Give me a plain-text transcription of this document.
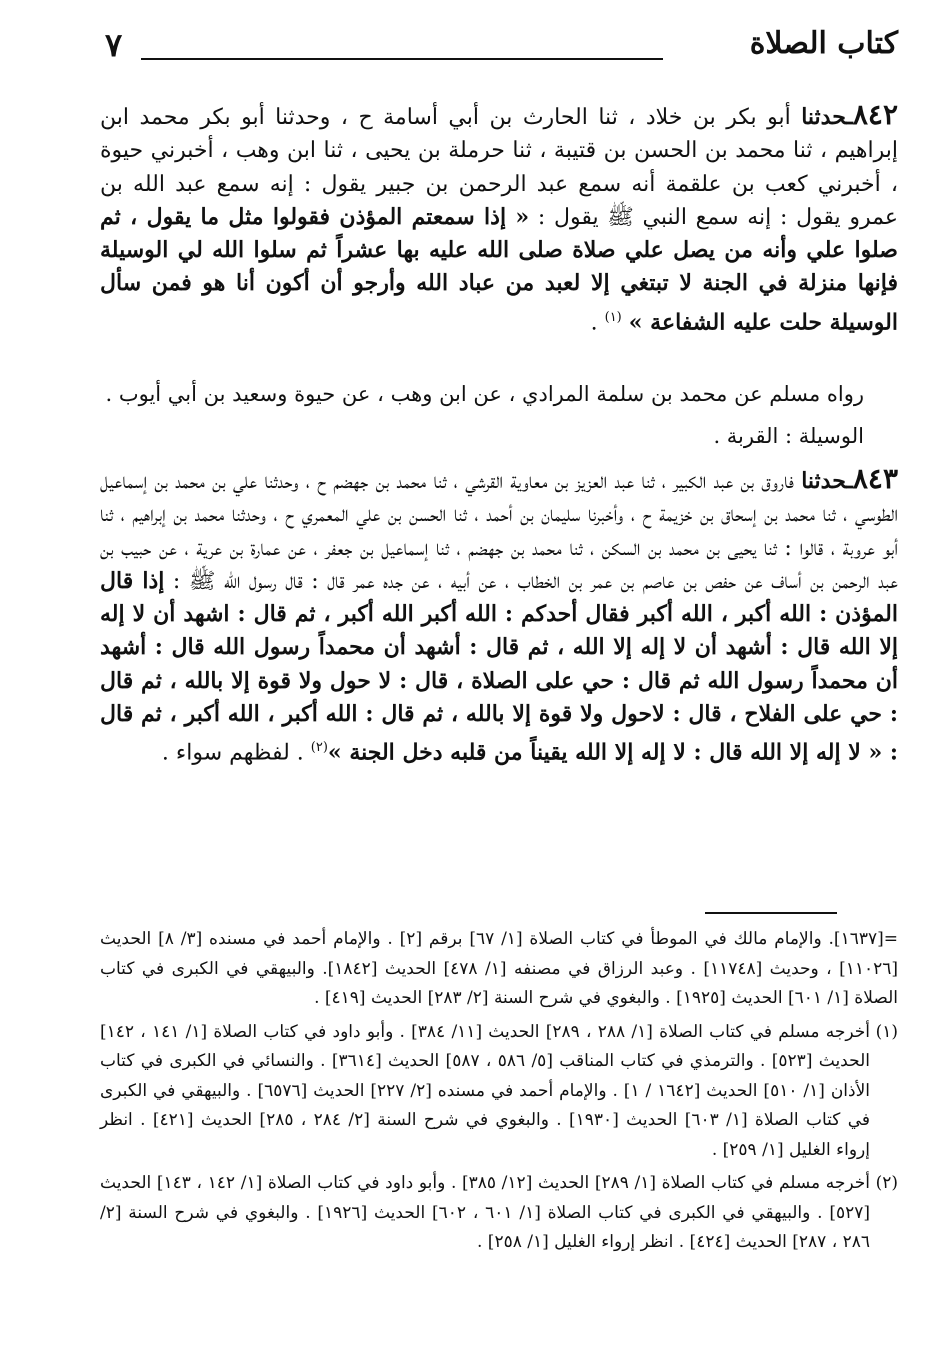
كتاب الصلاة
٧
٨٤٢ـحدثنا أبو بكر بن خلاد ، ثنا الحارث بن أبي أسامة ح ، وحدثنا أبو بكر محمد ابن إبراهيم ، ثنا محمد بن الحسن بن قتيبة ، ثنا حرملة بن يحيى ، ثنا ابن وهب ، أخبرني حيوة ، أخبرني كعب بن علقمة أنه سمع عبد الرحمن بن جبير يقول : إنه سمع عبد الله بن عمرو يقول : إنه سمع النبي ﷺ يقول : « إذا سمعتم المؤذن فقولوا مثل ما يقول ، ثم صلوا علي وأنه من يصل علي صلاة صلى الله عليه بها عشراً ثم سلوا الله لي الوسيلة فإنها منزلة في الجنة لا تبتغي إلا لعبد من عباد الله وأرجو أن أكون أنا هو فمن سأل الوسيلة حلت عليه الشفاعة » $^{(١)}$ .
رواه مسلم عن محمد بن سلمة المرادي ، عن ابن وهب ، عن حيوة وسعيد بن أبي أيوب .
الوسيلة : القربة .
٨٤٣ـحدثنا فاروق بن عبد الكبير ، ثنا عبد العزيز بن معاوية القرشي ، ثنا محمد بن جهضم ح ، وحدثنا علي بن محمد بن إسماعيل الطوسي ، ثنا محمد بن إسحاق بن خزيمة ح ، وأخبرنا سليمان بن أحمد ، ثنا الحسن بن علي المعمري ح ، وحدثنا محمد بن إبراهيم ، ثنا أبو عروبة ، قالوا : ثنا يحيى بن محمد بن السكن ، ثنا محمد بن جهضم ، ثنا إسماعيل بن جعفر ، عن عمارة بن عرية ، عن حبيب بن عبد الرحمن بن أساف عن حفص بن عاصم بن عمر بن الخطاب ، عن أبيه ، عن جده عمر قال : قال رسول الله ﷺ : إذا قال المؤذن : الله أكبر ، الله أكبر فقال أحدكم : الله أكبر الله أكبر ، ثم قال : اشهد أن لا إله إلا الله قال : أشهد أن لا إله إلا الله ، ثم قال : أشهد أن محمداً رسول الله قال : أشهد أن محمداً رسول الله ثم قال : حي على الصلاة ، قال : لا حول ولا قوة إلا بالله ، ثم قال : حي على الفلاح ، قال : لاحول ولا قوة إلا بالله ، ثم قال : الله أكبر ، الله أكبر ، ثم قال : « لا إله إلا الله قال : لا إله إلا الله يقيناً من قلبه دخل الجنة »$^{(٢)}$ . لفظهم سواء .
=[١٦٣٧]. والإمام مالك في الموطأ في كتاب الصلاة [١/ ٦٧] برقم [٢] . والإمام أحمد في مسنده [٣/ ٨] الحديث [١١٠٢٦] ، وحديث [١١٧٤٨] . وعبد الرزاق في مصنفه [١/ ٤٧٨] الحديث [١٨٤٢]. والبيهقي في الكبرى في كتاب الصلاة [١/ ٦٠١] الحديث [١٩٢٥] . والبغوي في شرح السنة [٢/ ٢٨٣] الحديث [٤١٩] .
(١)
أخرجه مسلم في كتاب الصلاة [١/ ٢٨٨ ، ٢٨٩] الحديث [١١/ ٣٨٤] . وأبو داود في كتاب الصلاة [١/ ١٤١ ، ١٤٢] الحديث [٥٢٣] . والترمذي في كتاب المناقب [٥/ ٥٨٦ ، ٥٨٧] الحديث [٣٦١٤] . والنسائي في الكبرى في كتاب الأذان [١/ ٥١٠] الحديث [١٦٤٢ / ١] . والإمام أحمد في مسنده [٢/ ٢٢٧] الحديث [٦٥٧٦] . والبيهقي في الكبرى في كتاب الصلاة [١/ ٦٠٣] الحديث [١٩٣٠] . والبغوي في شرح السنة [٢/ ٢٨٤ ، ٢٨٥] الحديث [٤٢١] . انظر إرواء الغليل [١/ ٢٥٩] .
(٢)
أخرجه مسلم في كتاب الصلاة [١/ ٢٨٩] الحديث [١٢/ ٣٨٥] . وأبو داود في كتاب الصلاة [١/ ١٤٢ ، ١٤٣] الحديث [٥٢٧] . والبيهقي في الكبرى في كتاب الصلاة [١/ ٦٠١ ، ٦٠٢] الحديث [١٩٢٦] . والبغوي في شرح السنة [٢/ ٢٨٦ ، ٢٨٧] الحديث [٤٢٤] . انظر إرواء الغليل [١/ ٢٥٨] .
